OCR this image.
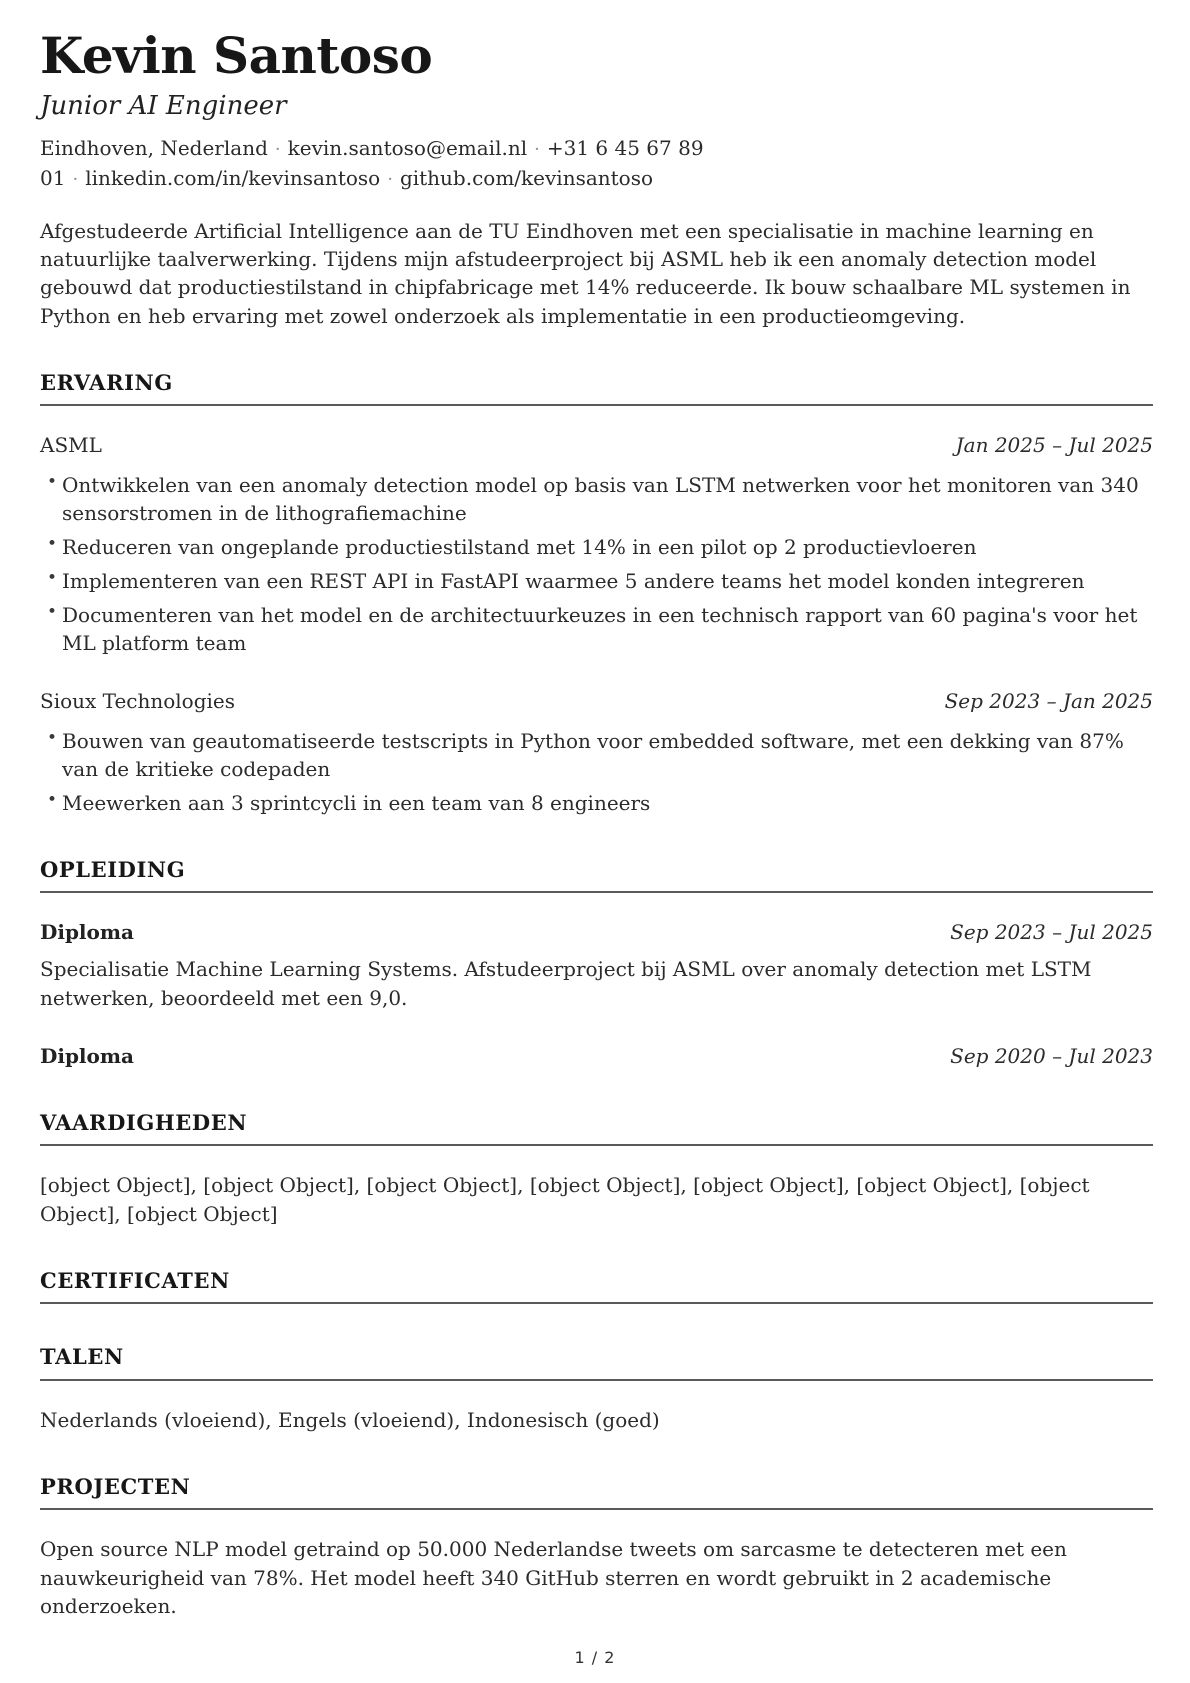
Kevin Santoso
Junior AI Engineer
Eindhoven, Nederland · kevin.santoso@email.nl · +31 6 45 67 89 01 · linkedin.com/in/kevinsantoso · github.com/kevinsantoso

Afgestudeerde Artificial Intelligence aan de TU Eindhoven met een specialisatie in machine learning en natuurlijke taalverwerking. Tijdens mijn afstudeerproject bij ASML heb ik een anomaly detection model gebouwd dat productiestilstand in chipfabricage met 14% reduceerde. Ik bouw schaalbare ML systemen in Python en heb ervaring met zowel onderzoek als implementatie in een productieomgeving.

ERVARING
ASML	Jan 2025 – Jul 2025
• Ontwikkelen van een anomaly detection model op basis van LSTM netwerken voor het monitoren van 340 sensorstromen in de lithografiemachine
• Reduceren van ongeplande productiestilstand met 14% in een pilot op 2 productievloeren
• Implementeren van een REST API in FastAPI waarmee 5 andere teams het model konden integreren
• Documenteren van het model en de architectuurkeuzes in een technisch rapport van 60 pagina's voor het ML platform team
Sioux Technologies	Sep 2023 – Jan 2025
• Bouwen van geautomatiseerde testscripts in Python voor embedded software, met een dekking van 87% van de kritieke codepaden
• Meewerken aan 3 sprintcycli in een team van 8 engineers
OPLEIDING
Diploma	Sep 2023 – Jul 2025

Specialisatie Machine Learning Systems. Afstudeerproject bij ASML over anomaly detection met LSTM netwerken, beoordeeld met een 9,0.

Diploma	Sep 2020 – Jul 2023
VAARDIGHEDEN

[object Object], [object Object], [object Object], [object Object], [object Object], [object Object], [object Object], [object Object]

CERTIFICATEN
TALEN

Nederlands (vloeiend), Engels (vloeiend), Indonesisch (goed)

PROJECTEN

Open source NLP model getraind op 50.000 Nederlandse tweets om sarcasme te detecteren met een nauwkeurigheid van 78%. Het model heeft 340 GitHub sterren en wordt gebruikt in 2 academische onderzoeken.

1 / 2
